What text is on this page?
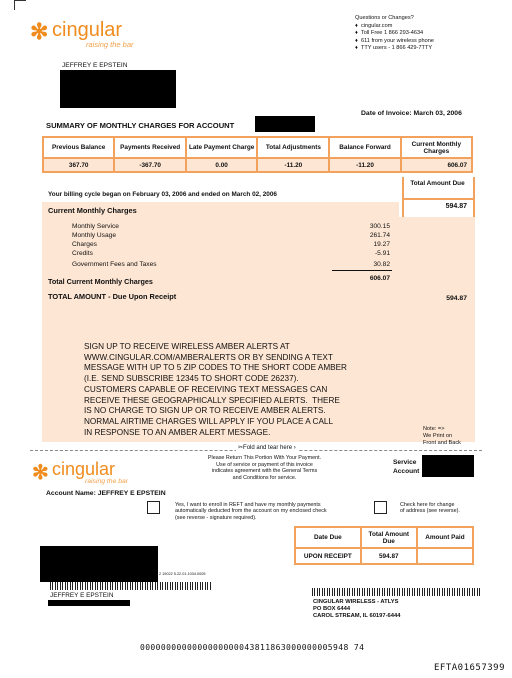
✻ cingular
raising the bar
Questions or Changes?
♦  cingular.com
♦  Toll Free 1 866 293-4634
♦  611 from your wireless phone
♦  TTY users - 1 866 429-7TTY
JEFFREY E EPSTEIN
Date of Invoice: March 03, 2006
SUMMARY OF MONTHLY CHARGES FOR ACCOUNT
Previous Balance	Payments Received	Late Payment Charge	Total Adjustments	Balance Forward	Current Monthly Charges
367.70	-367.70	0.00	-11.20	-11.20	606.07
Total Amount Due
594.87
Your billing cycle began on February 03, 2006 and ended on March 02, 2006
Current Monthly Charges
Monthly Service	300.15
Monthly Usage	261.74
Charges	19.27
Credits	-5.91
Government Fees and Taxes	30.82
Total Current Monthly Charges	606.07
TOTAL AMOUNT - Due Upon Receipt	594.87
SIGN UP TO RECEIVE WIRELESS AMBER ALERTS AT
WWW.CINGULAR.COM/AMBERALERTS OR BY SENDING A TEXT
MESSAGE WITH UP TO 5 ZIP CODES TO THE SHORT CODE AMBER
(I.E. SEND SUBSCRIBE 12345 TO SHORT CODE 26237).
CUSTOMERS CAPABLE OF RECEIVING TEXT MESSAGES CAN
RECEIVE THESE GEOGRAPHICALLY SPECIFIED ALERTS.  THERE
IS NO CHARGE TO SIGN UP OR TO RECEIVE AMBER ALERTS.
NORMAL AIRTIME CHARGES WILL APPLY IF YOU PLACE A CALL
IN RESPONSE TO AN AMBER ALERT MESSAGE.	Note: =>
We Print on
Front and Back
✂Fold and tear here ›
✻ cingular
raising the bar
Please Return This Portion With Your Payment.
Use of service or payment of this invoice
indicates agreement with the General Terms
and Conditions for service.
Service
Account
Account Name: JEFFREY E EPSTEIN
Yes, I want to enroll in REFT and have my monthly payments
automatically deducted from the account on my enclosed check
(see reverse - signature required).
Check here for change
of address (see reverse).
Date Due	Total Amount Due	Amount Paid
UPON RECEIPT	594.87	
2 19022 5.22.01.1034.0005
JEFFREY E EPSTEIN
CINGULAR WIRELESS - ATLYS
PO BOX 6444
CAROL STREAM, IL 60197-6444
0000000000000000000043811863000000005948 74
EFTA01657399
